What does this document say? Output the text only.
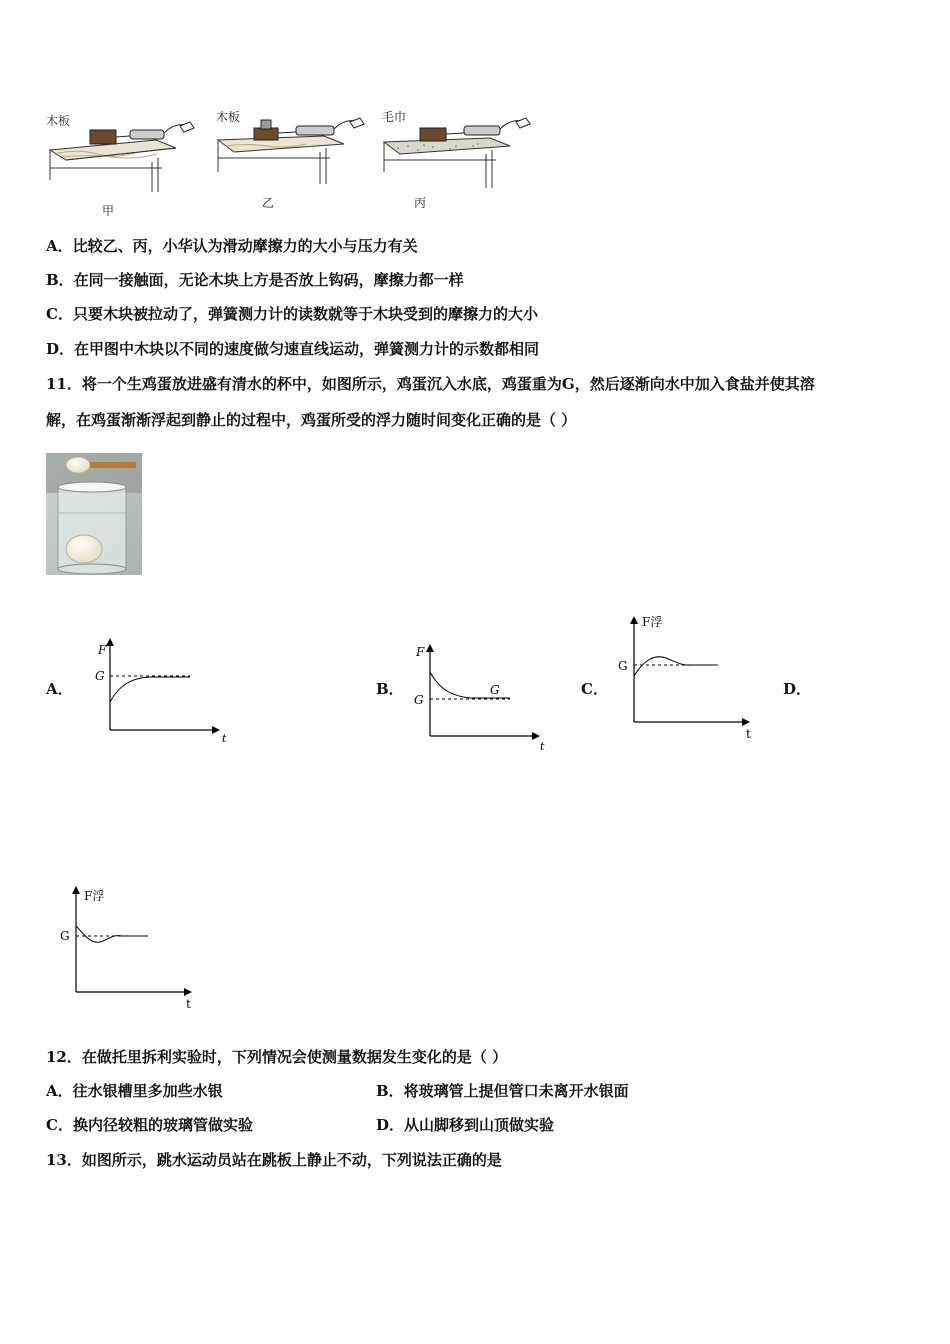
木板	木板	毛巾
甲
乙	丙
A．比较乙、丙，小华认为滑动摩擦力的大小与压力有关
B．在同一接触面，无论木块上方是否放上钩码，摩擦力都一样
C．只要木块被拉动了，弹簧测力计的读数就等于木块受到的摩擦力的大小
D．在甲图中木块以不同的速度做匀速直线运动，弹簧测力计的示数都相同
11．将一个生鸡蛋放进盛有清水的杯中，如图所示，鸡蛋沉入水底，鸡蛋重为G，然后逐渐向水中加入食盐并使其溶
解，在鸡蛋渐渐浮起到静止的过程中，鸡蛋所受的浮力随时间变化正确的是（ ）
A．
F
t
G
B．
F
t
G
G	C．
F浮
t
G
D．
F浮
t
G
12．在做托里拆利实验时，下列情况会使测量数据发生变化的是（ ）
A．往水银槽里多加些水银	B．将玻璃管上提但管口未离开水银面
C．换内径较粗的玻璃管做实验	D．从山脚移到山顶做实验
13．如图所示，跳水运动员站在跳板上静止不动，下列说法正确的是
